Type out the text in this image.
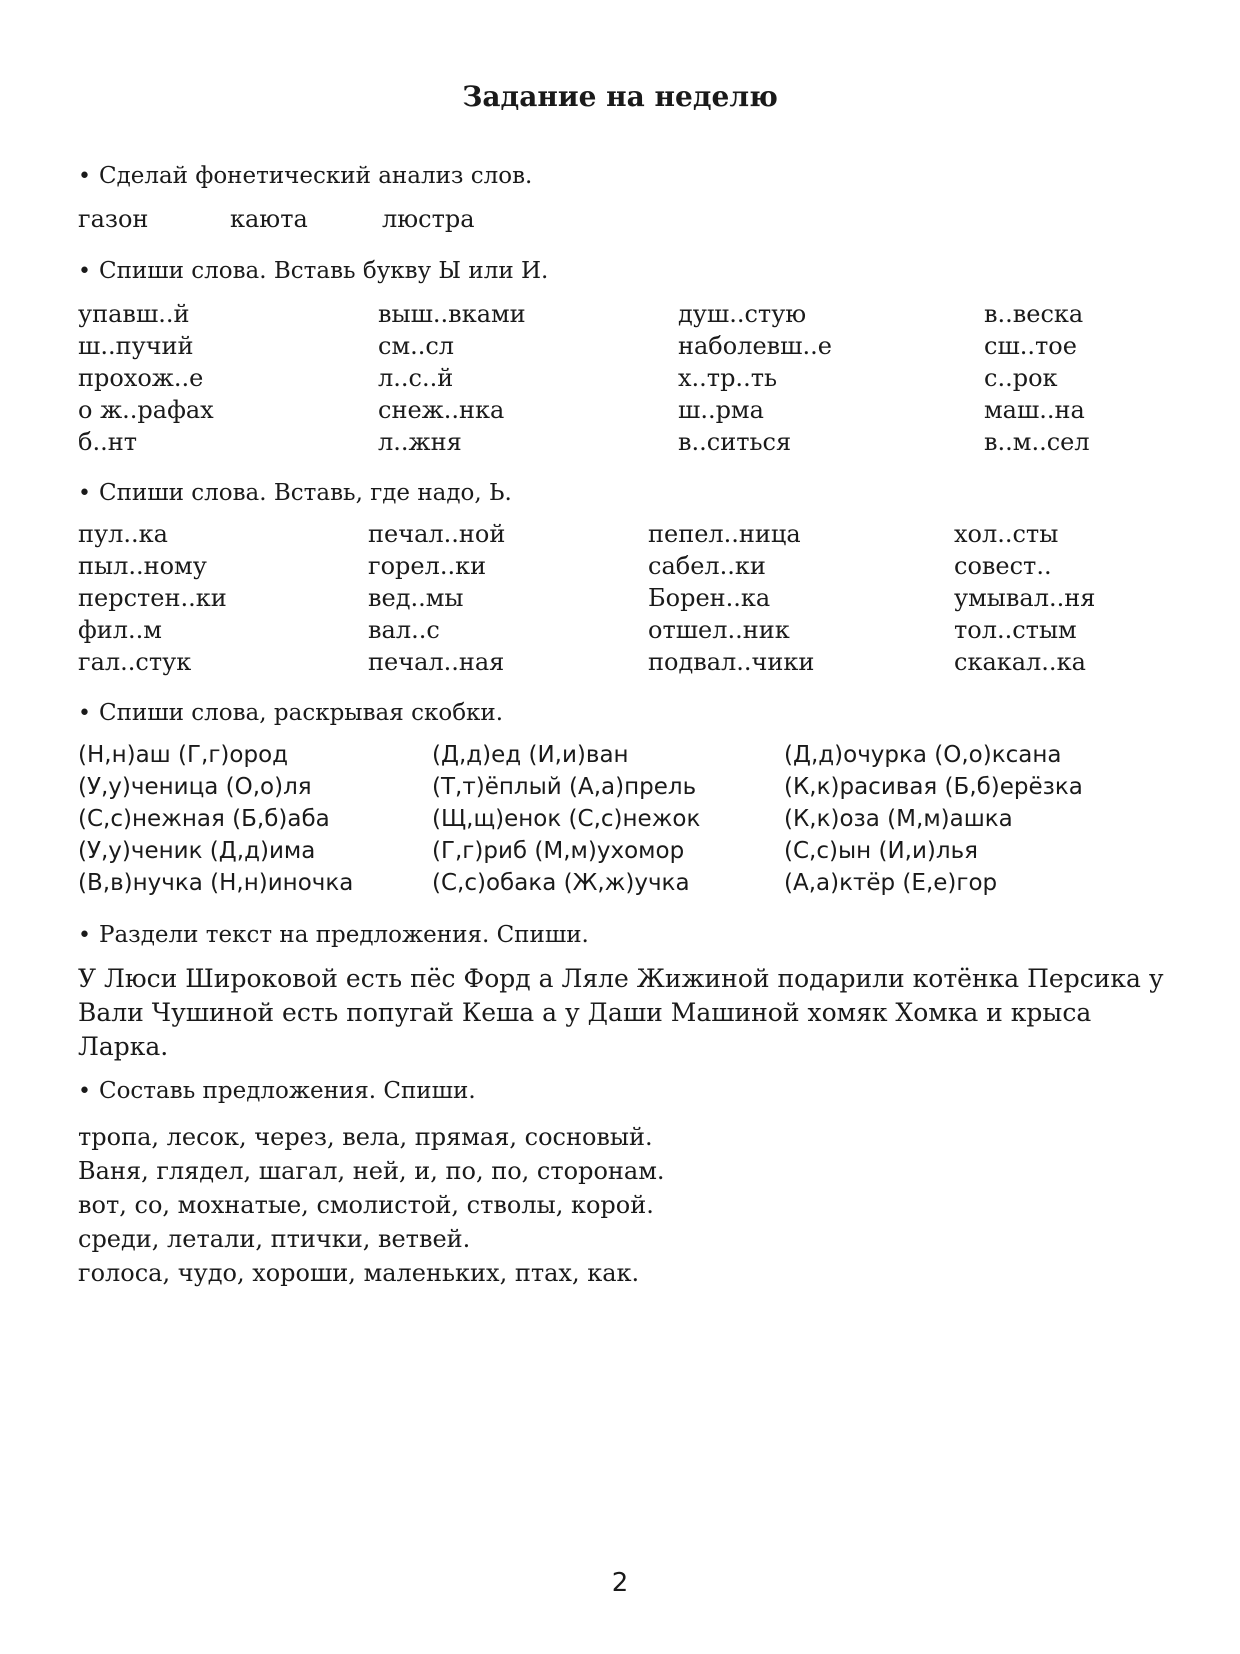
Задание на неделю
• Сделай фонетический анализ слов.
газон	каюта	люстра
• Спиши слова. Вставь букву Ы или И.
упавш..й	выш..вками	душ..стую	в..веска
ш..пучий	см..сл	наболевш..е	сш..тое
прохож..е	л..с..й	х..тр..ть	с..рок
о ж..рафах	снеж..нка	ш..рма	маш..на
б..нт	л..жня	в..ситься	в..м..сел
• Спиши слова. Вставь, где надо, Ь.
пул..ка	печал..ной	пепел..ница	хол..сты
пыл..ному	горел..ки	сабел..ки	совест..
перстен..ки	вед..мы	Борен..ка	умывал..ня
фил..м	вал..с	отшел..ник	тол..стым
гал..стук	печал..ная	подвал..чики	скакал..ка
• Спиши слова, раскрывая скобки.
(Н,н)аш (Г,г)ород	(Д,д)ед (И,и)ван	(Д,д)очурка (О,о)ксана
(У,у)ченица (О,о)ля	(Т,т)ёплый (А,а)прель	(К,к)расивая (Б,б)ерёзка
(С,с)нежная (Б,б)аба	(Щ,щ)енок (С,с)нежок	(К,к)оза (М,м)ашка
(У,у)ченик (Д,д)има	(Г,г)риб (М,м)ухомор	(С,с)ын (И,и)лья
(В,в)нучка (Н,н)иночка	(С,с)обака (Ж,ж)учка	(А,а)ктёр (Е,е)гор
• Раздели текст на предложения. Спиши.
У Люси Широковой есть пёс Форд а Ляле Жижиной подарили котёнка Персика у Вали Чушиной есть попугай Кеша а у Даши Машиной хомяк Хомка и крыса Ларка.
• Составь предложения. Спиши.
тропа, лесок, через, вела, прямая, сосновый.
Ваня, глядел, шагал, ней, и, по, по, сторонам.
вот, со, мохнатые, смолистой, стволы, корой.
среди, летали, птички, ветвей.
голоса, чудо, хороши, маленьких, птах, как.
2
